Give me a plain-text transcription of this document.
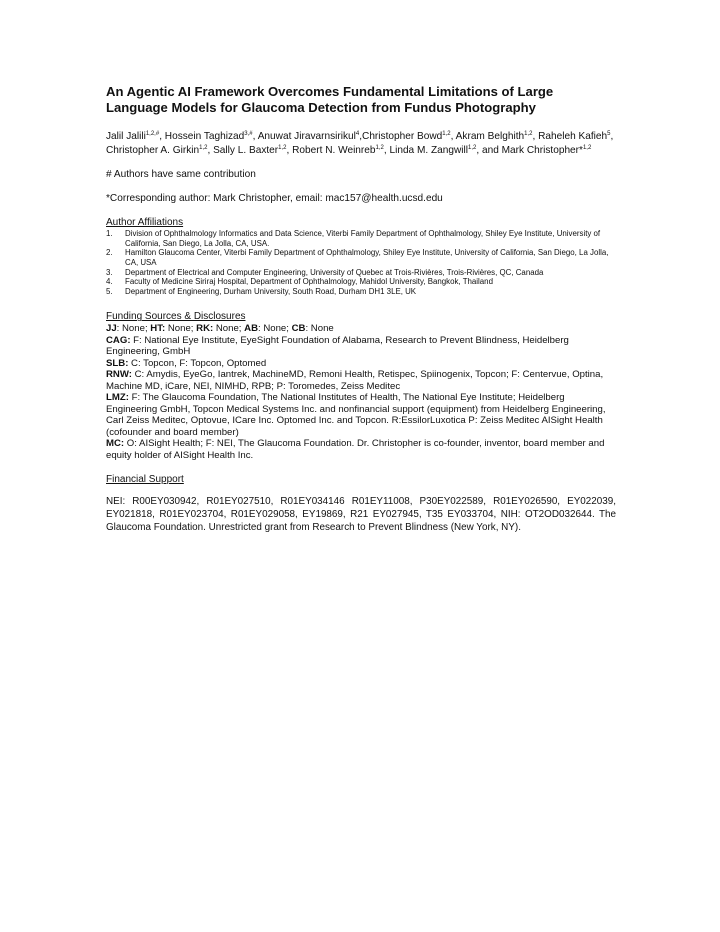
An Agentic AI Framework Overcomes Fundamental Limitations of Large Language Models for Glaucoma Detection from Fundus Photography

Jalil Jalili$^{1,2,\#}$, Hossein Taghizad$^{3,\#}$, Anuwat Jiravarnsirikul$^4$,Christopher Bowd$^{1,2}$, Akram Belghith$^{1,2}$, Raheleh Kafieh$^5$, Christopher A. Girkin$^{1,2}$, Sally L. Baxter$^{1,2}$, Robert N. Weinreb$^{1,2}$, Linda M. Zangwill$^{1,2}$, and Mark Christopher*$^{1,2}$

# Authors have same contribution

*Corresponding author: Mark Christopher, email: mac157@health.ucsd.edu

Author Affiliations

1. Division of Ophthalmology Informatics and Data Science, Viterbi Family Department of Ophthalmology, Shiley Eye Institute, University of California, San Diego, La Jolla, CA, USA.
2. Hamilton Glaucoma Center, Viterbi Family Department of Ophthalmology, Shiley Eye Institute, University of California, San Diego, La Jolla, CA, USA
3. Department of Electrical and Computer Engineering, University of Quebec at Trois-Rivières, Trois-Rivières, QC, Canada
4. Faculty of Medicine Siriraj Hospital, Department of Ophthalmology, Mahidol University, Bangkok, Thailand
5. Department of Engineering, Durham University, South Road, Durham DH1 3LE, UK

Funding Sources & Disclosures

JJ: None; HT: None; RK: None; AB: None; CB: None
CAG: F: National Eye Institute, EyeSight Foundation of Alabama, Research to Prevent Blindness, Heidelberg Engineering, GmbH
SLB: C: Topcon, F: Topcon, Optomed
RNW: C: Amydis, EyeGo, Iantrek, MachineMD, Remoni Health, Retispec, Spiinogenix, Topcon; F: Centervue, Optina, Machine MD, iCare, NEI, NIMHD, RPB; P: Toromedes, Zeiss Meditec
LMZ: F: The Glaucoma Foundation, The National Institutes of Health, The National Eye Institute; Heidelberg Engineering GmbH, Topcon Medical Systems Inc. and nonfinancial support (equipment) from Heidelberg Engineering, Carl Zeiss Meditec, Optovue, ICare Inc. Optomed Inc. and Topcon. R:EssilorLuxotica P: Zeiss Meditec AISight Health (cofounder and board member)
MC: O: AISight Health; F: NEI, The Glaucoma Foundation. Dr. Christopher is co-founder, inventor, board member and equity holder of AISight Health Inc.

Financial Support

NEI: R00EY030942, R01EY027510, R01EY034146 R01EY11008, P30EY022589, R01EY026590, EY022039, EY021818, R01EY023704, R01EY029058, EY19869, R21 EY027945, T35 EY033704, NIH: OT2OD032644. The Glaucoma Foundation. Unrestricted grant from Research to Prevent Blindness (New York, NY).
